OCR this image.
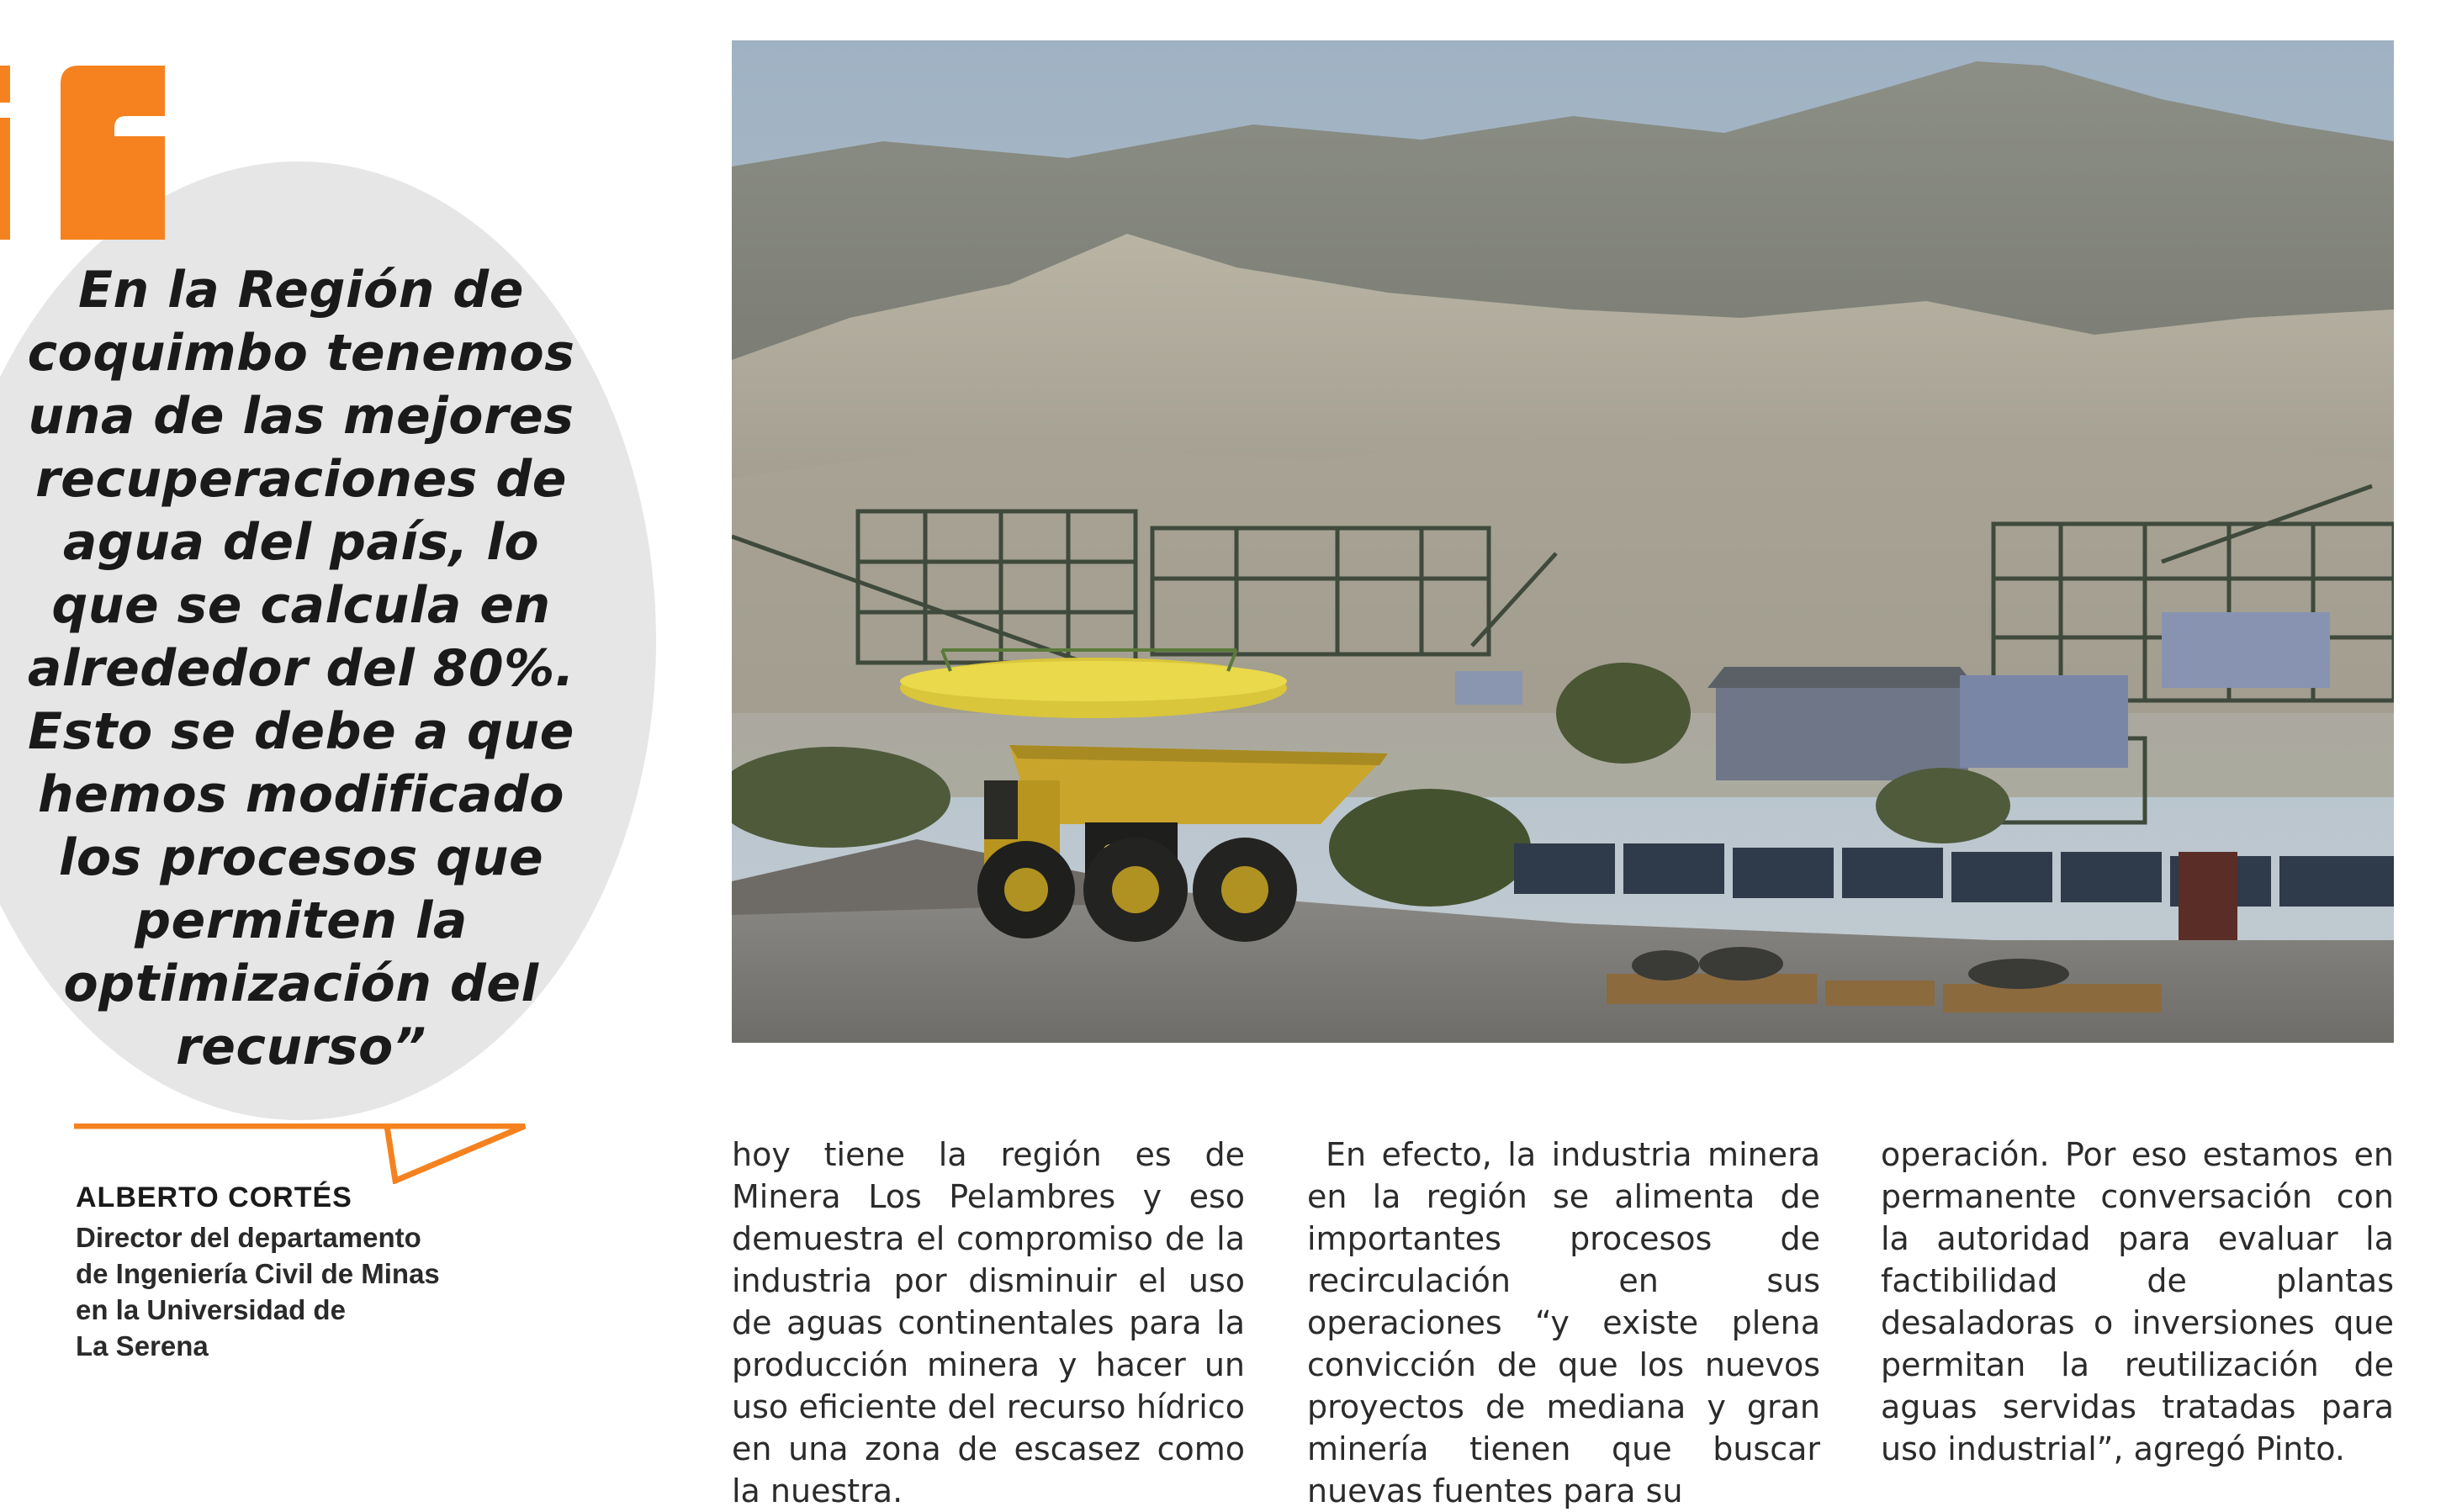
En la Región de coquimbo tenemos una de las mejores recuperaciones de agua del país, lo que se calcula en alrededor del 80%. Esto se debe a que hemos modificado los procesos que permiten la optimización del recurso”

ALBERTO CORTÉS

Director del departamento
de Ingeniería Civil de Minas
en la Universidad de
La Serena

hoy tiene la región es de Minera Los Pelambres y eso demuestra el compromiso de la industria por disminuir el uso de aguas continentales para la producción minera y hacer un uso eficiente del recurso hídrico en una zona de escasez como la nuestra.

En efecto, la industria minera en la región se alimenta de importantes procesos de recirculación en sus operaciones “y existe plena convicción de que los nuevos proyectos de mediana y gran minería tienen que buscar nuevas fuentes para su

operación. Por eso estamos en permanente conversación con la autoridad para evaluar la factibilidad de plantas desaladoras o inversiones que permitan la reutilización de aguas servidas tratadas para uso industrial”, agregó Pinto.
